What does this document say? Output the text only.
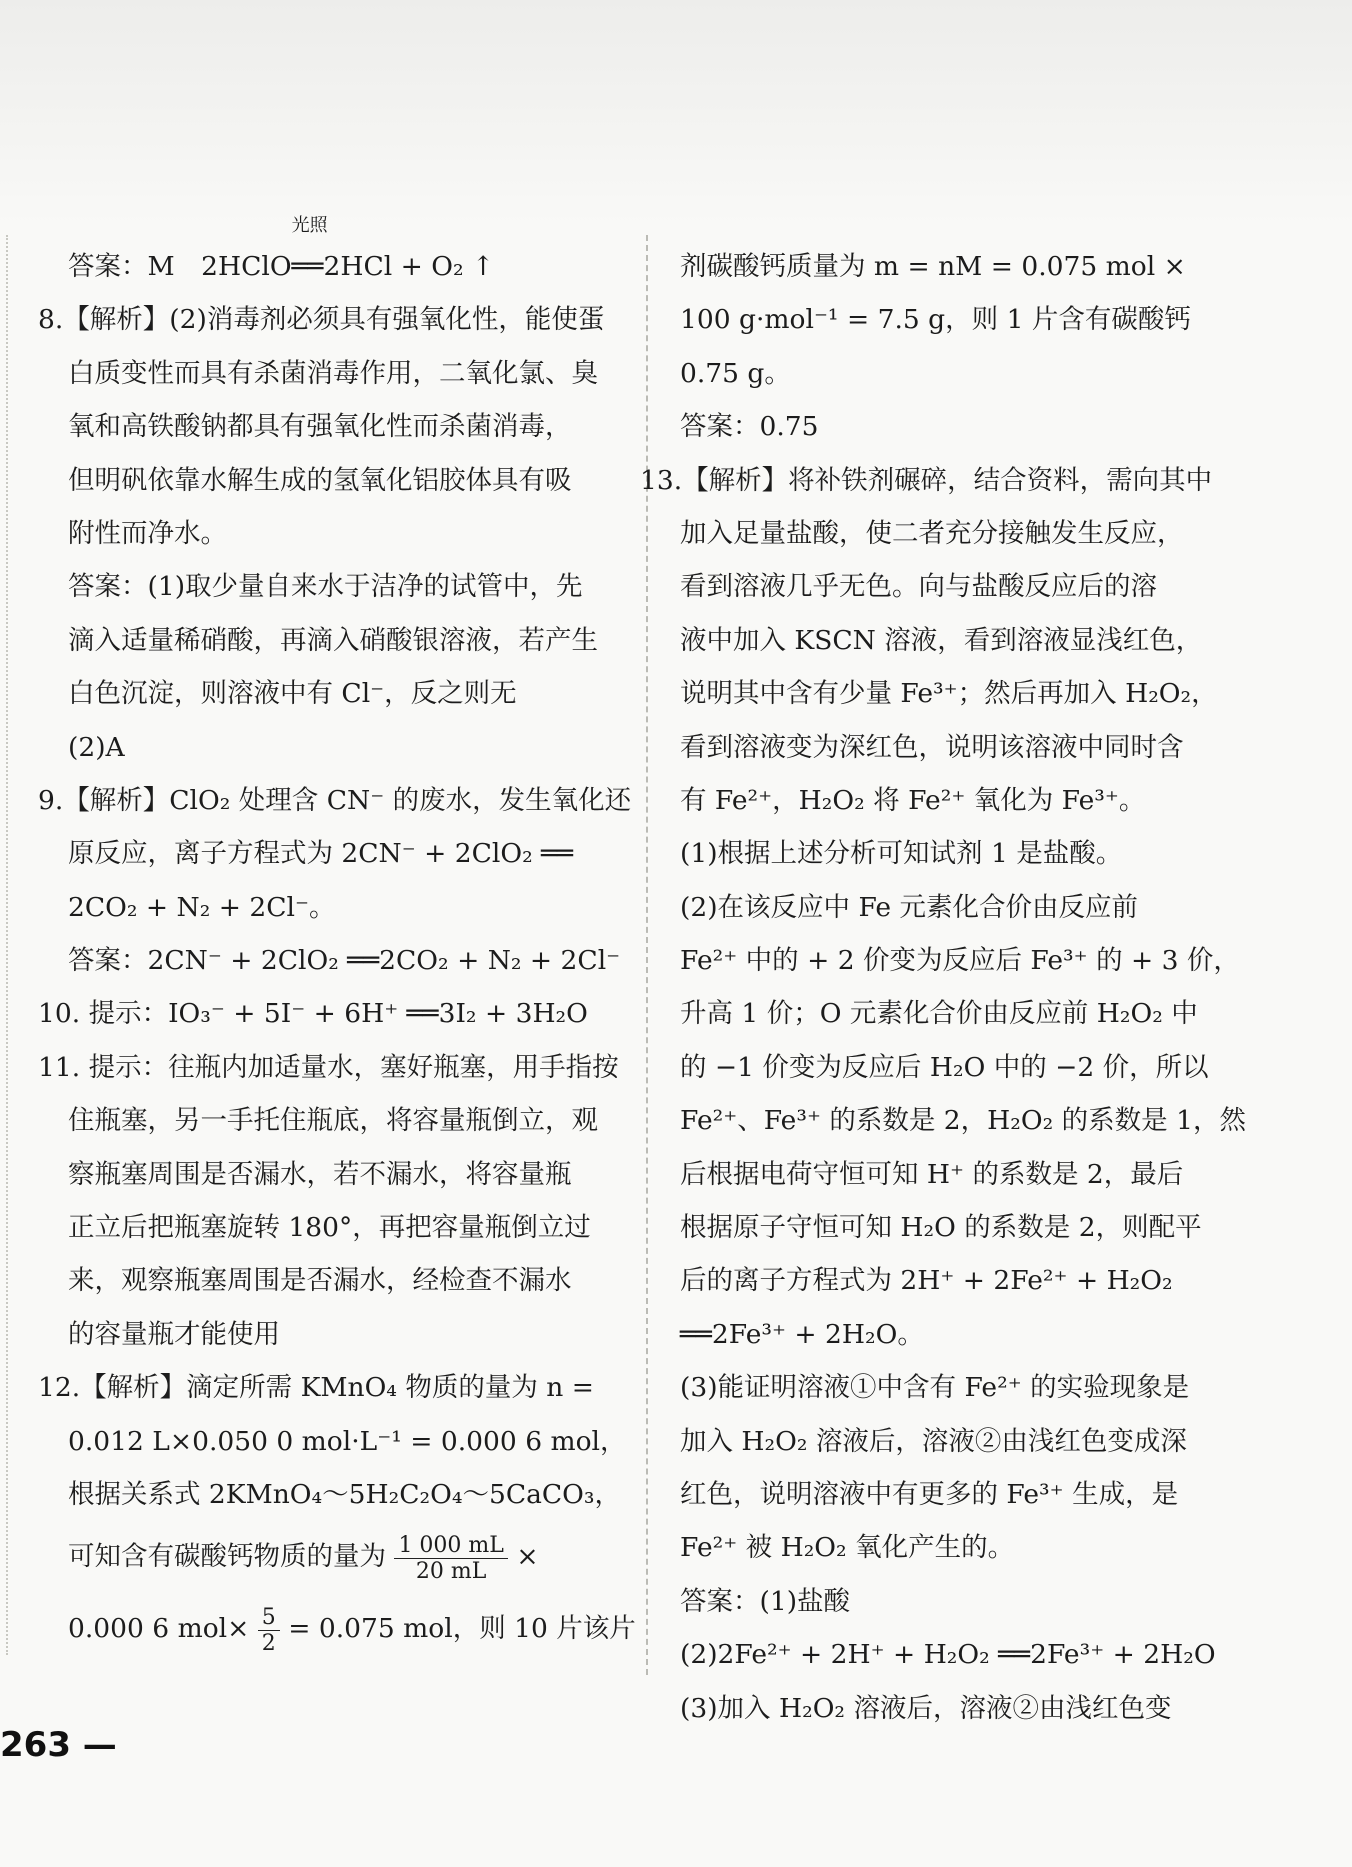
答案：M　2HClO
光照
══2HCl + O₂ ↑
8.【解析】(2)消毒剂必须具有强氧化性，能使蛋
白质变性而具有杀菌消毒作用，二氧化氯、臭
氧和高铁酸钠都具有强氧化性而杀菌消毒，
但明矾依靠水解生成的氢氧化铝胶体具有吸
附性而净水。
答案：(1)取少量自来水于洁净的试管中，先
滴入适量稀硝酸，再滴入硝酸银溶液，若产生
白色沉淀，则溶液中有 Cl⁻，反之则无
(2)A
9.【解析】ClO₂ 处理含 CN⁻ 的废水，发生氧化还
原反应，离子方程式为 2CN⁻ + 2ClO₂ ══
2CO₂ + N₂ + 2Cl⁻。
答案：2CN⁻ + 2ClO₂ ══2CO₂ + N₂ + 2Cl⁻
10. 提示：IO₃⁻ + 5I⁻ + 6H⁺ ══3I₂ + 3H₂O
11. 提示：往瓶内加适量水，塞好瓶塞，用手指按
住瓶塞，另一手托住瓶底，将容量瓶倒立，观
察瓶塞周围是否漏水，若不漏水，将容量瓶
正立后把瓶塞旋转 180°，再把容量瓶倒立过
来，观察瓶塞周围是否漏水，经检查不漏水
的容量瓶才能使用
12.【解析】滴定所需 KMnO₄ 物质的量为 n =
0.012 L×0.050 0 mol·L⁻¹ = 0.000 6 mol，
根据关系式 2KMnO₄～5H₂C₂O₄～5CaCO₃，
可知含有碳酸钙物质的量为 $\frac{1 000 mL}{20 mL}$ ×
0.000 6 $mol\times \frac{5}{2} = 0.075$ mol，则 10 片该片
剂碳酸钙质量为 m = nM = 0.075 mol ×
100 g·mol⁻¹ = 7.5 g，则 1 片含有碳酸钙
0.75 g。
答案：0.75
13.【解析】将补铁剂碾碎，结合资料，需向其中
加入足量盐酸，使二者充分接触发生反应，
看到溶液几乎无色。向与盐酸反应后的溶
液中加入 KSCN 溶液，看到溶液显浅红色，
说明其中含有少量 Fe³⁺；然后再加入 H₂O₂，
看到溶液变为深红色，说明该溶液中同时含
有 Fe²⁺，H₂O₂ 将 Fe²⁺ 氧化为 Fe³⁺。
(1)根据上述分析可知试剂 1 是盐酸。
(2)在该反应中 Fe 元素化合价由反应前
Fe²⁺ 中的 + 2 价变为反应后 Fe³⁺ 的 + 3 价，
升高 1 价；O 元素化合价由反应前 H₂O₂ 中
的 −1 价变为反应后 H₂O 中的 −2 价，所以
Fe²⁺、Fe³⁺ 的系数是 2，H₂O₂ 的系数是 1，然
后根据电荷守恒可知 H⁺ 的系数是 2，最后
根据原子守恒可知 H₂O 的系数是 2，则配平
后的离子方程式为 2H⁺ + 2Fe²⁺ + H₂O₂
══2Fe³⁺ + 2H₂O。
(3)能证明溶液①中含有 Fe²⁺ 的实验现象是
加入 H₂O₂ 溶液后，溶液②由浅红色变成深
红色，说明溶液中有更多的 Fe³⁺ 生成，是
Fe²⁺ 被 H₂O₂ 氧化产生的。
答案：(1)盐酸
(2)2Fe²⁺ + 2H⁺ + H₂O₂ ══2Fe³⁺ + 2H₂O
(3)加入 H₂O₂ 溶液后，溶液②由浅红色变
263 —
